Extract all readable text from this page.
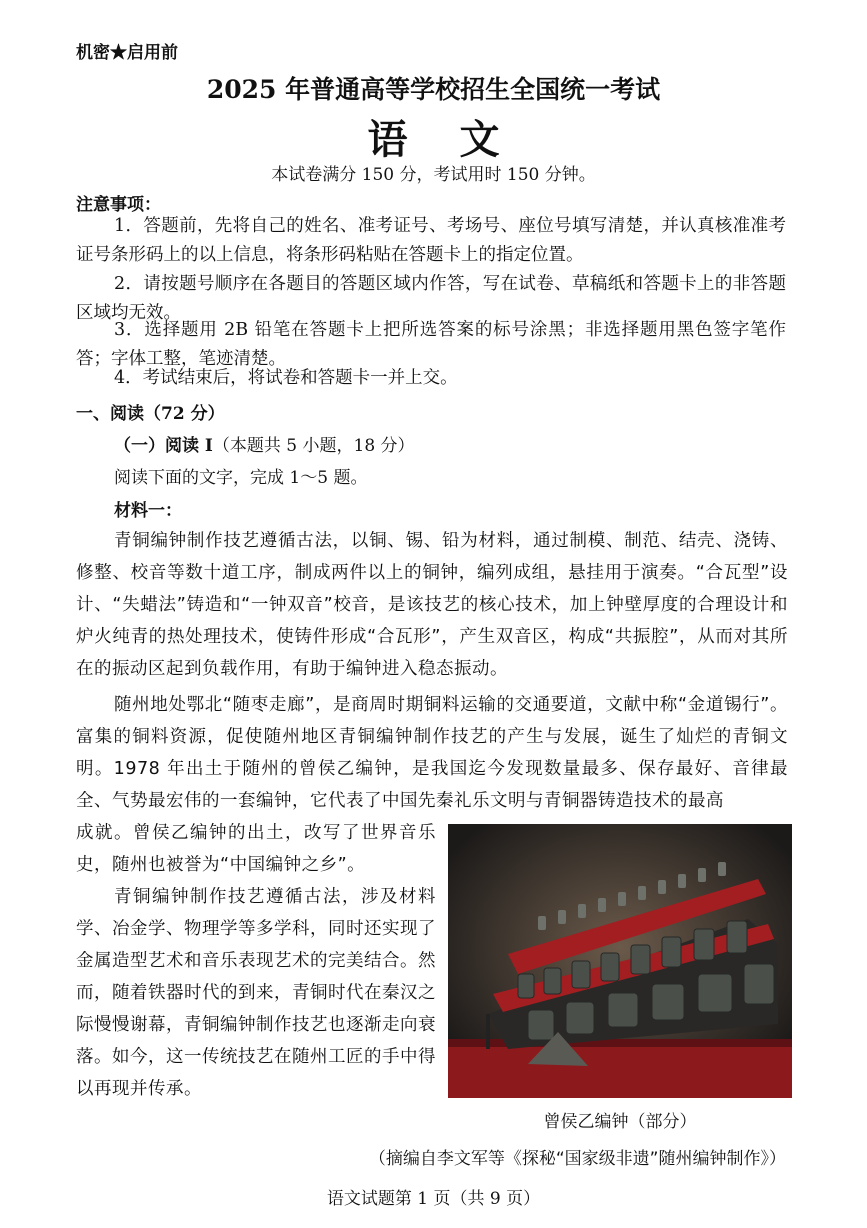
机密★启用前
2025 年普通高等学校招生全国统一考试
语文
本试卷满分 150 分，考试用时 150 分钟。
注意事项：

1．答题前，先将自己的姓名、准考证号、考场号、座位号填写清楚，并认真核准准考证号条形码上的以上信息，将条形码粘贴在答题卡上的指定位置。

2．请按题号顺序在各题目的答题区域内作答，写在试卷、草稿纸和答题卡上的非答题区域均无效。

3．选择题用 2B 铅笔在答题卡上把所选答案的标号涂黑；非选择题用黑色签字笔作答；字体工整，笔迹清楚。

4．考试结束后，将试卷和答题卡一并上交。

一、阅读（72 分）
（一）阅读 I（本题共 5 小题，18 分）
阅读下面的文字，完成 1～5 题。
材料一：

青铜编钟制作技艺遵循古法，以铜、锡、铅为材料，通过制模、制范、结壳、浇铸、修整、校音等数十道工序，制成两件以上的铜钟，编列成组，悬挂用于演奏。“合瓦型”设计、“失蜡法”铸造和“一钟双音”校音，是该技艺的核心技术，加上钟壁厚度的合理设计和炉火纯青的热处理技术，使铸件形成“合瓦形”，产生双音区，构成“共振腔”，从而对其所在的振动区起到负载作用，有助于编钟进入稳态振动。

随州地处鄂北“随枣走廊”，是商周时期铜料运输的交通要道，文献中称“金道锡行”。富集的铜料资源，促使随州地区青铜编钟制作技艺的产生与发展，诞生了灿烂的青铜文明。1978 年出土于随州的曾侯乙编钟，是我国迄今发现数量最多、保存最好、音律最全、气势最宏伟的一套编钟，它代表了中国先秦礼乐文明与青铜器铸造技术的最高

成就。曾侯乙编钟的出土，改写了世界音乐史，随州也被誉为“中国编钟之乡”。

青铜编钟制作技艺遵循古法，涉及材料学、冶金学、物理学等多学科，同时还实现了金属造型艺术和音乐表现艺术的完美结合。然而，随着铁器时代的到来，青铜时代在秦汉之际慢慢谢幕，青铜编钟制作技艺也逐渐走向衰落。如今，这一传统技艺在随州工匠的手中得以再现并传承。

曾侯乙编钟（部分）
（摘编自李文军等《探秘“国家级非遗”随州编钟制作》）
语文试题第 1 页（共 9 页）
